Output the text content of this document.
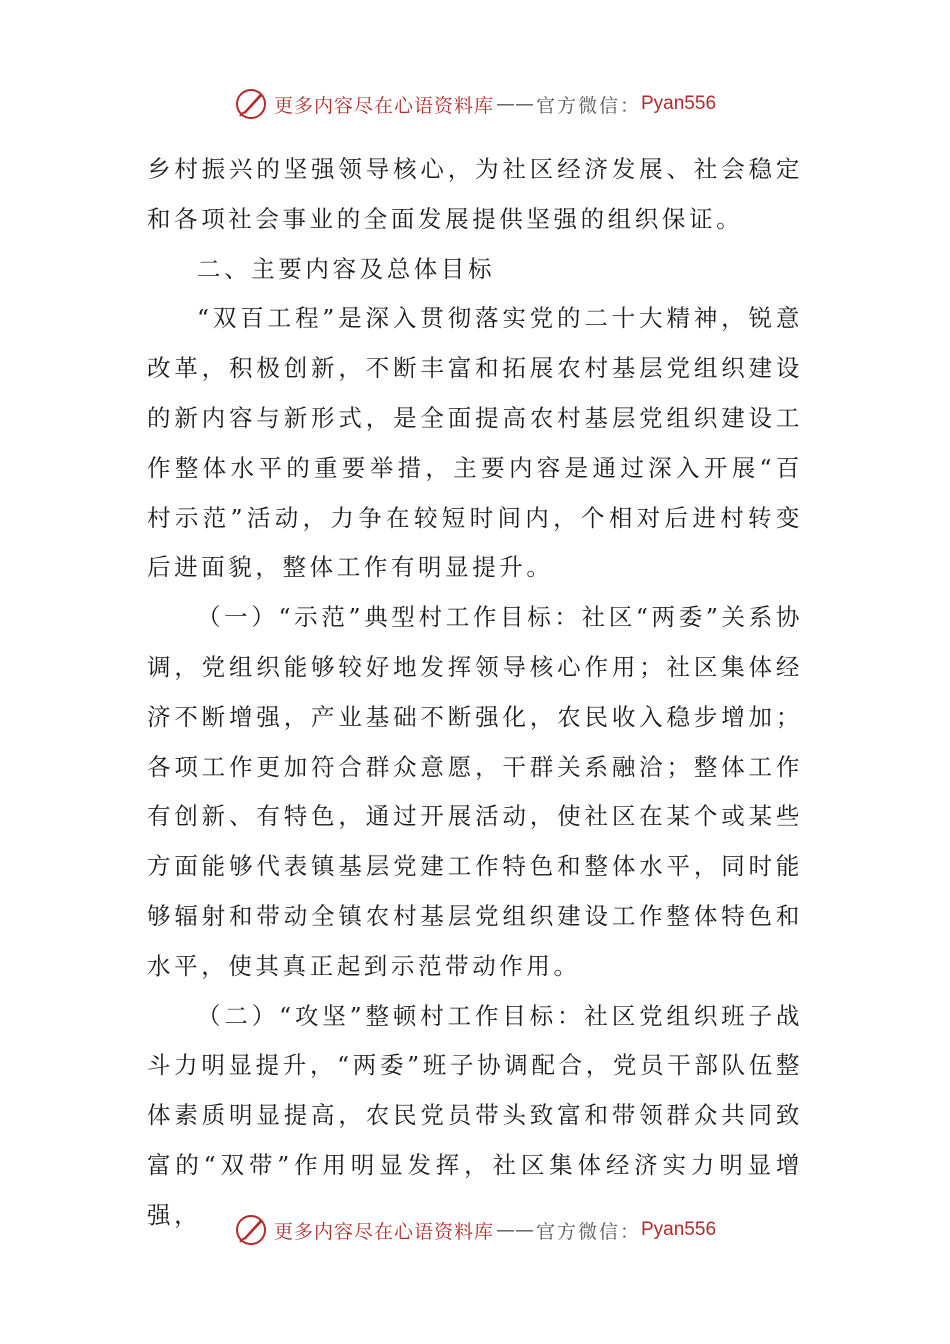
更多内容尽在心语资料库 —— 官方微信： Pyan556

乡村振兴的坚强领导核心，为社区经济发展、社会稳定和各项社会事业的全面发展提供坚强的组织保证。

二、主要内容及总体目标

“双百工程”是深入贯彻落实党的二十大精神，锐意改革，积极创新，不断丰富和拓展农村基层党组织建设的新内容与新形式，是全面提高农村基层党组织建设工作整体水平的重要举措，主要内容是通过深入开展“百村示范”活动，力争在较短时间内，个相对后进村转变后进面貌，整体工作有明显提升。

（一）“示范”典型村工作目标：社区“两委”关系协调，党组织能够较好地发挥领导核心作用；社区集体经济不断增强，产业基础不断强化，农民收入稳步增加；各项工作更加符合群众意愿，干群关系融洽；整体工作有创新、有特色，通过开展活动，使社区在某个或某些方面能够代表镇基层党建工作特色和整体水平，同时能够辐射和带动全镇农村基层党组织建设工作整体特色和水平，使其真正起到示范带动作用。

（二）“攻坚”整顿村工作目标：社区党组织班子战斗力明显提升，“两委”班子协调配合，党员干部队伍整体素质明显提高，农民党员带头致富和带领群众共同致富的“双带”作用明显发挥，社区集体经济实力明显增强，

更多内容尽在心语资料库 —— 官方微信： Pyan556
